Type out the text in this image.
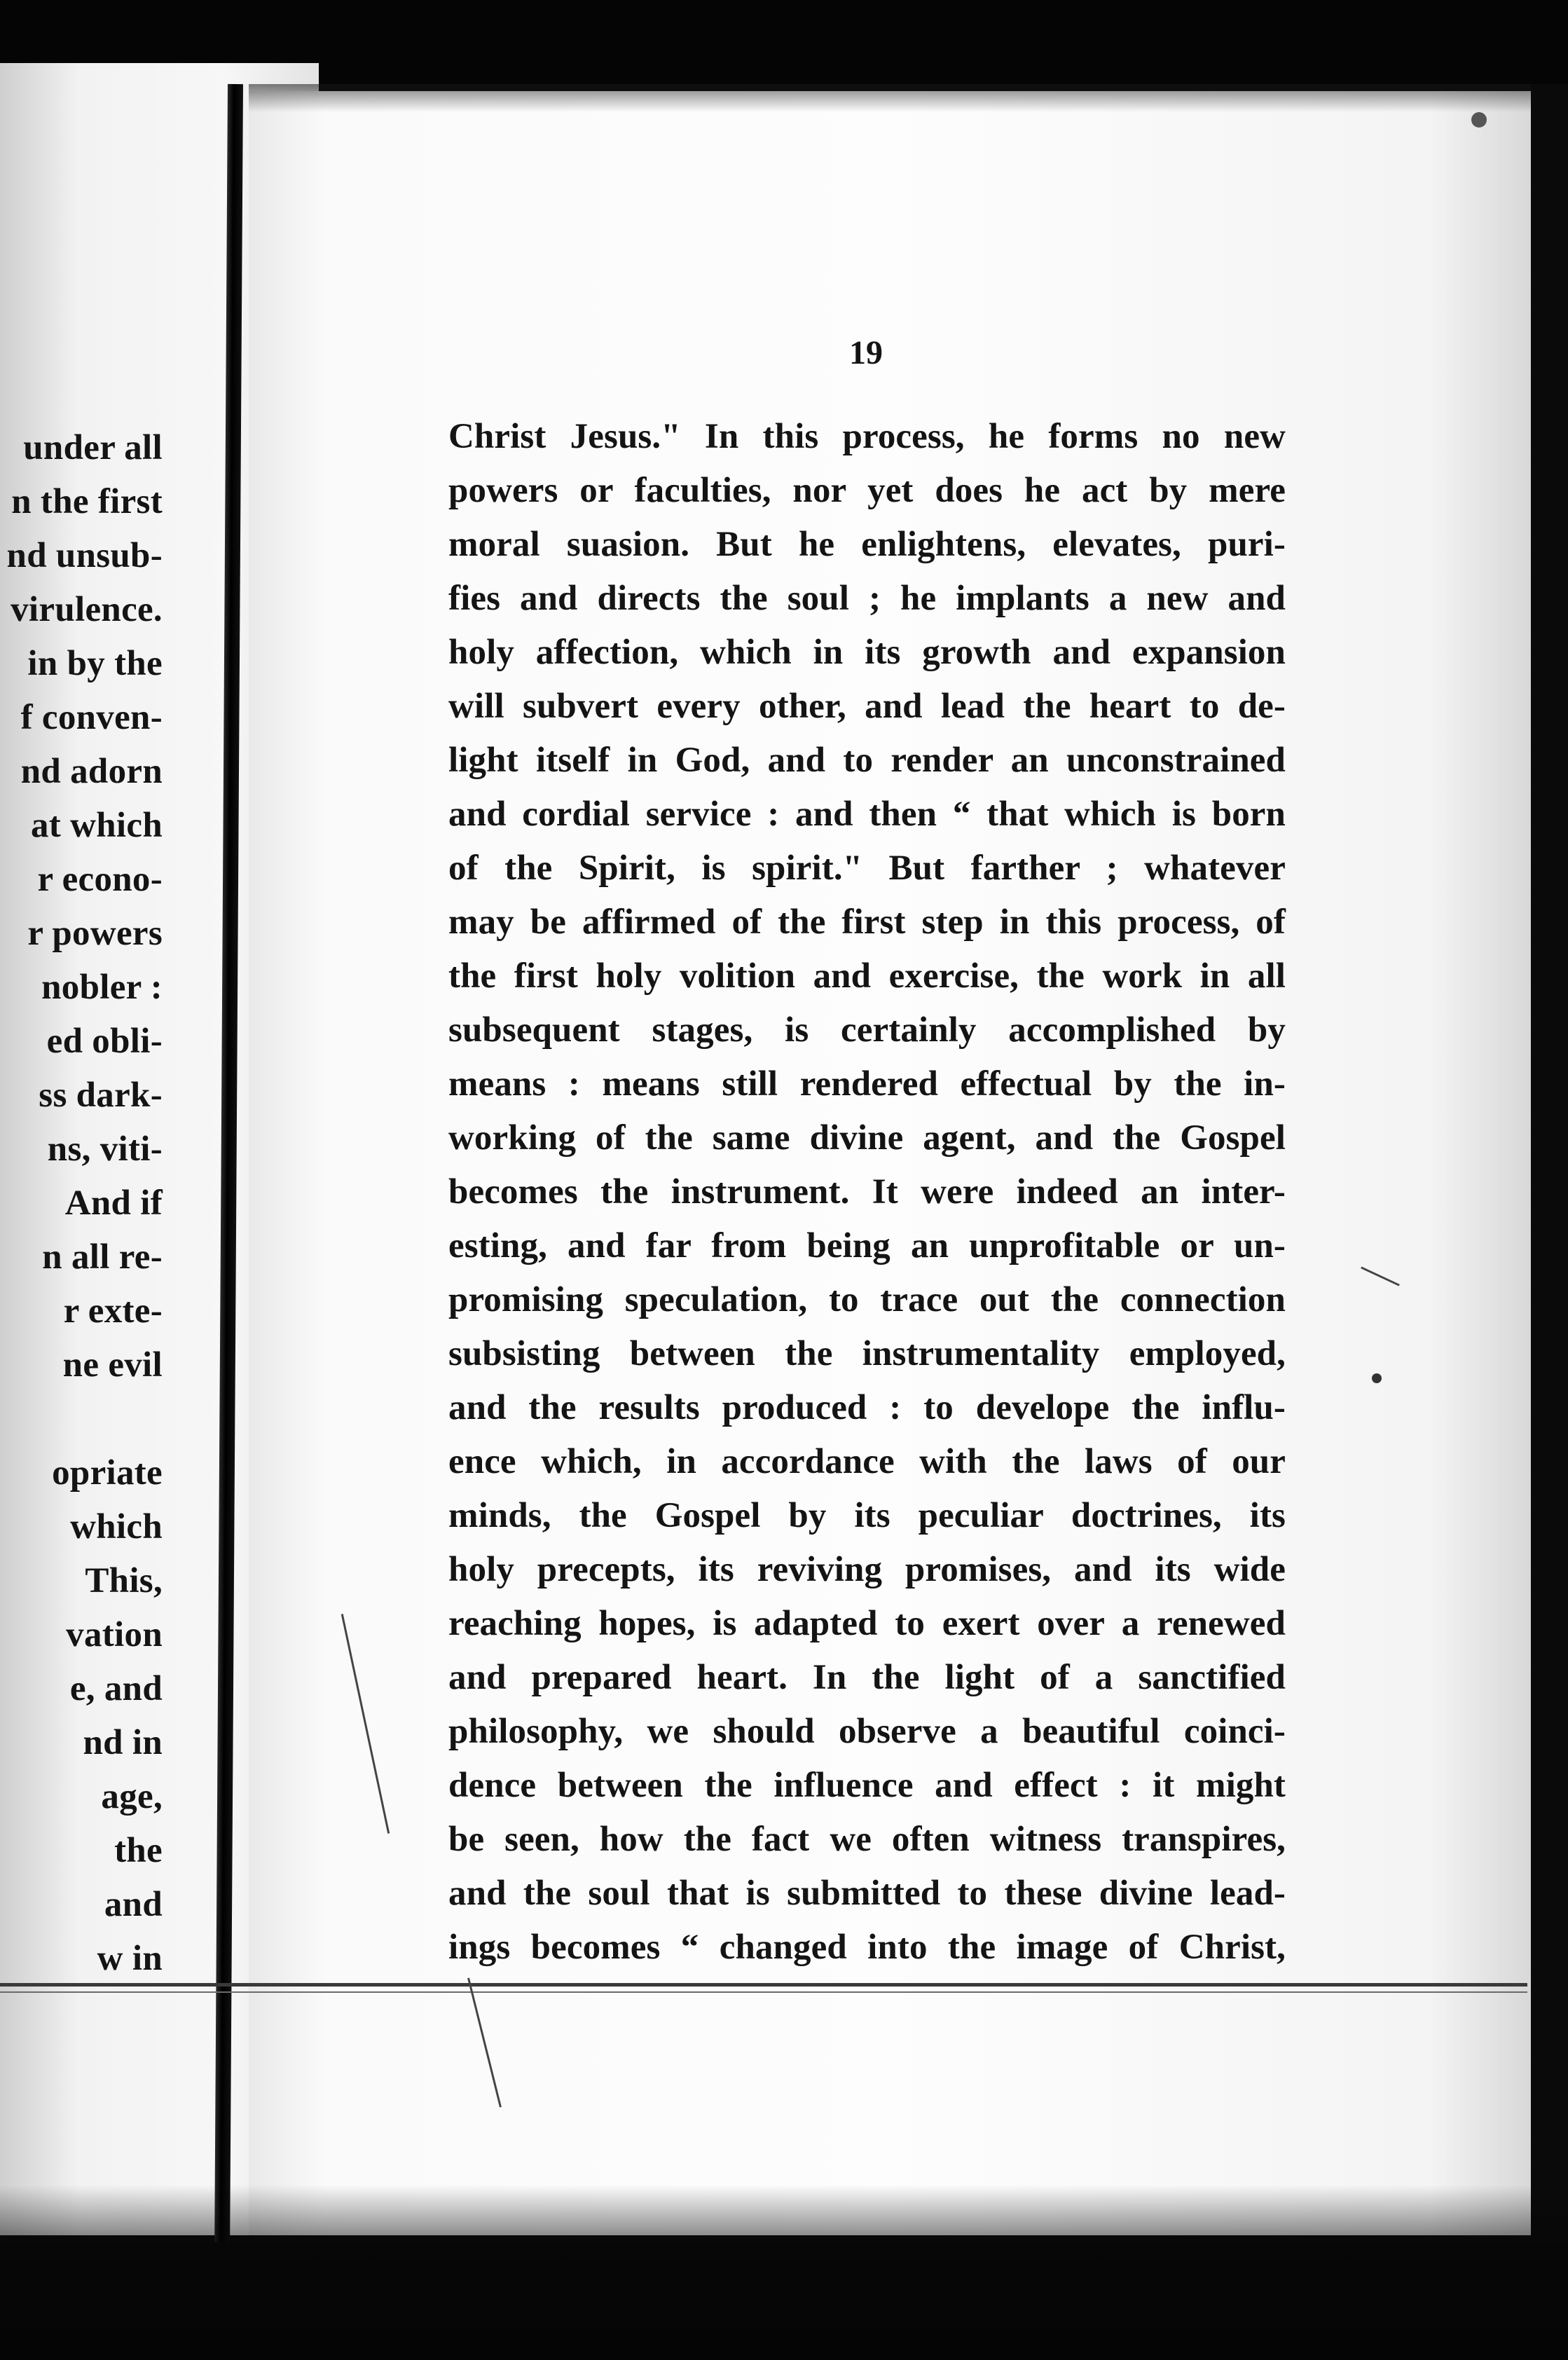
under all
n the first
nd unsub-
virulence.
in by the
f conven-
nd adorn
at which
r econo-
r powers
nobler :
ed obli-
ss dark-
ns, viti-
And if
n all re-
r exte-
ne evil
opriate
which
This,
vation
e, and
nd in
age,
the
and
w in
19
Christ Jesus." In this process, he forms no new
powers or faculties, nor yet does he act by mere
moral suasion. But he enlightens, elevates, puri-
fies and directs the soul ; he implants a new and
holy affection, which in its growth and expansion
will subvert every other, and lead the heart to de-
light itself in God, and to render an unconstrained
and cordial service : and then “ that which is born
of the Spirit, is spirit." But farther ; whatever
may be affirmed of the first step in this process, of
the first holy volition and exercise, the work in all
subsequent stages, is certainly accomplished by
means : means still rendered effectual by the in-
working of the same divine agent, and the Gospel
becomes the instrument. It were indeed an inter-
esting, and far from being an unprofitable or un-
promising speculation, to trace out the connection
subsisting between the instrumentality employed,
and the results produced : to develope the influ-
ence which, in accordance with the laws of our
minds, the Gospel by its peculiar doctrines, its
holy precepts, its reviving promises, and its wide
reaching hopes, is adapted to exert over a renewed
and prepared heart. In the light of a sanctified
philosophy, we should observe a beautiful coinci-
dence between the influence and effect : it might
be seen, how the fact we often witness transpires,
and the soul that is submitted to these divine lead-
ings becomes “ changed into the image of Christ,
